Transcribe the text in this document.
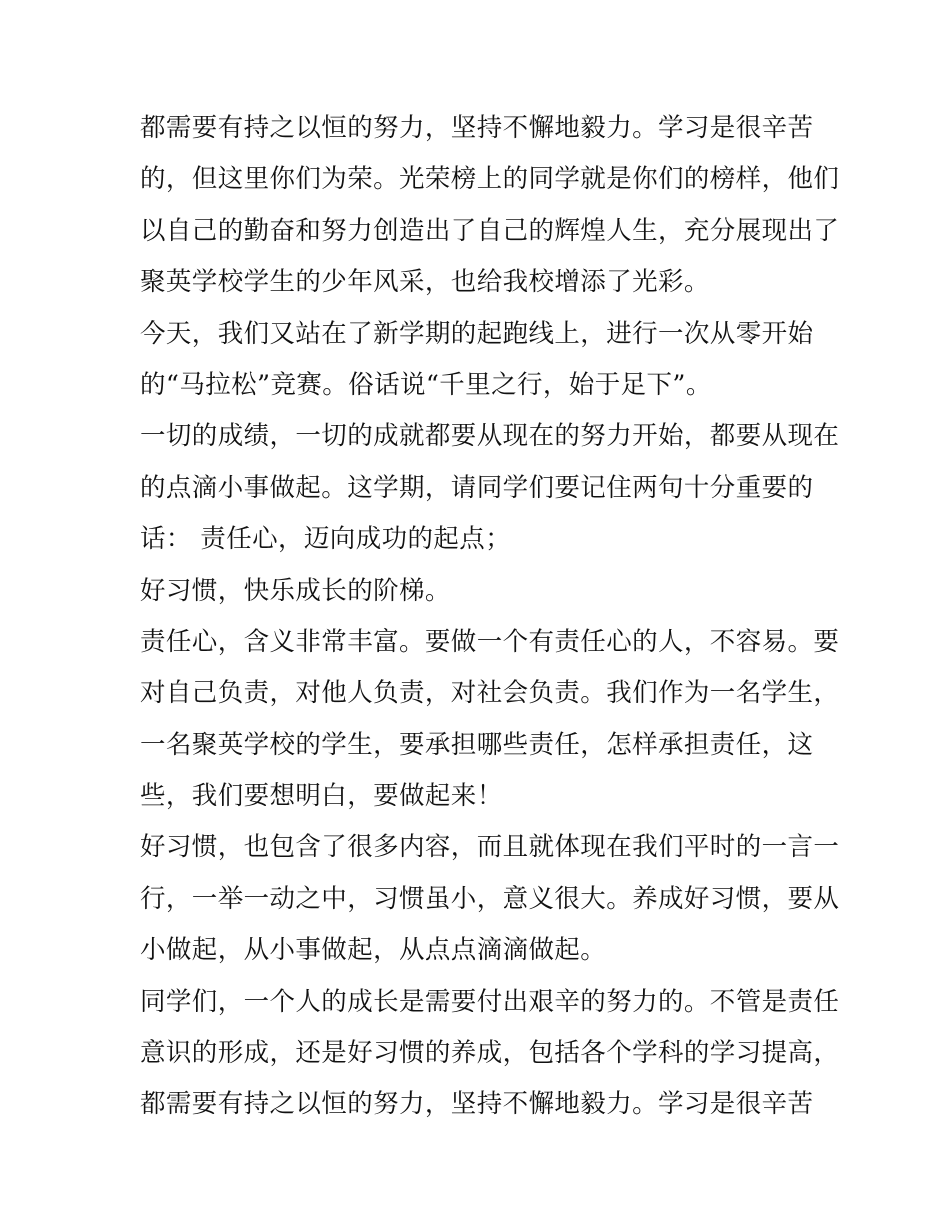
都需要有持之以恒的努力，坚持不懈地毅力。学习是很辛苦
的，但这里你们为荣。光荣榜上的同学就是你们的榜样，他们
以自己的勤奋和努力创造出了自己的辉煌人生，充分展现出了
聚英学校学生的少年风采，也给我校增添了光彩。
今天，我们又站在了新学期的起跑线上，进行一次从零开始
的“马拉松”竞赛。俗话说“千里之行，始于足下”。
一切的成绩，一切的成就都要从现在的努力开始，都要从现在
的点滴小事做起。这学期，请同学们要记住两句十分重要的
话： 责任心，迈向成功的起点；
好习惯，快乐成长的阶梯。
责任心，含义非常丰富。要做一个有责任心的人，不容易。要
对自己负责，对他人负责，对社会负责。我们作为一名学生，
一名聚英学校的学生，要承担哪些责任，怎样承担责任，这
些，我们要想明白，要做起来！
好习惯，也包含了很多内容，而且就体现在我们平时的一言一
行，一举一动之中，习惯虽小，意义很大。养成好习惯，要从
小做起，从小事做起，从点点滴滴做起。
同学们，一个人的成长是需要付出艰辛的努力的。不管是责任
意识的形成，还是好习惯的养成，包括各个学科的学习提高，
都需要有持之以恒的努力，坚持不懈地毅力。学习是很辛苦
